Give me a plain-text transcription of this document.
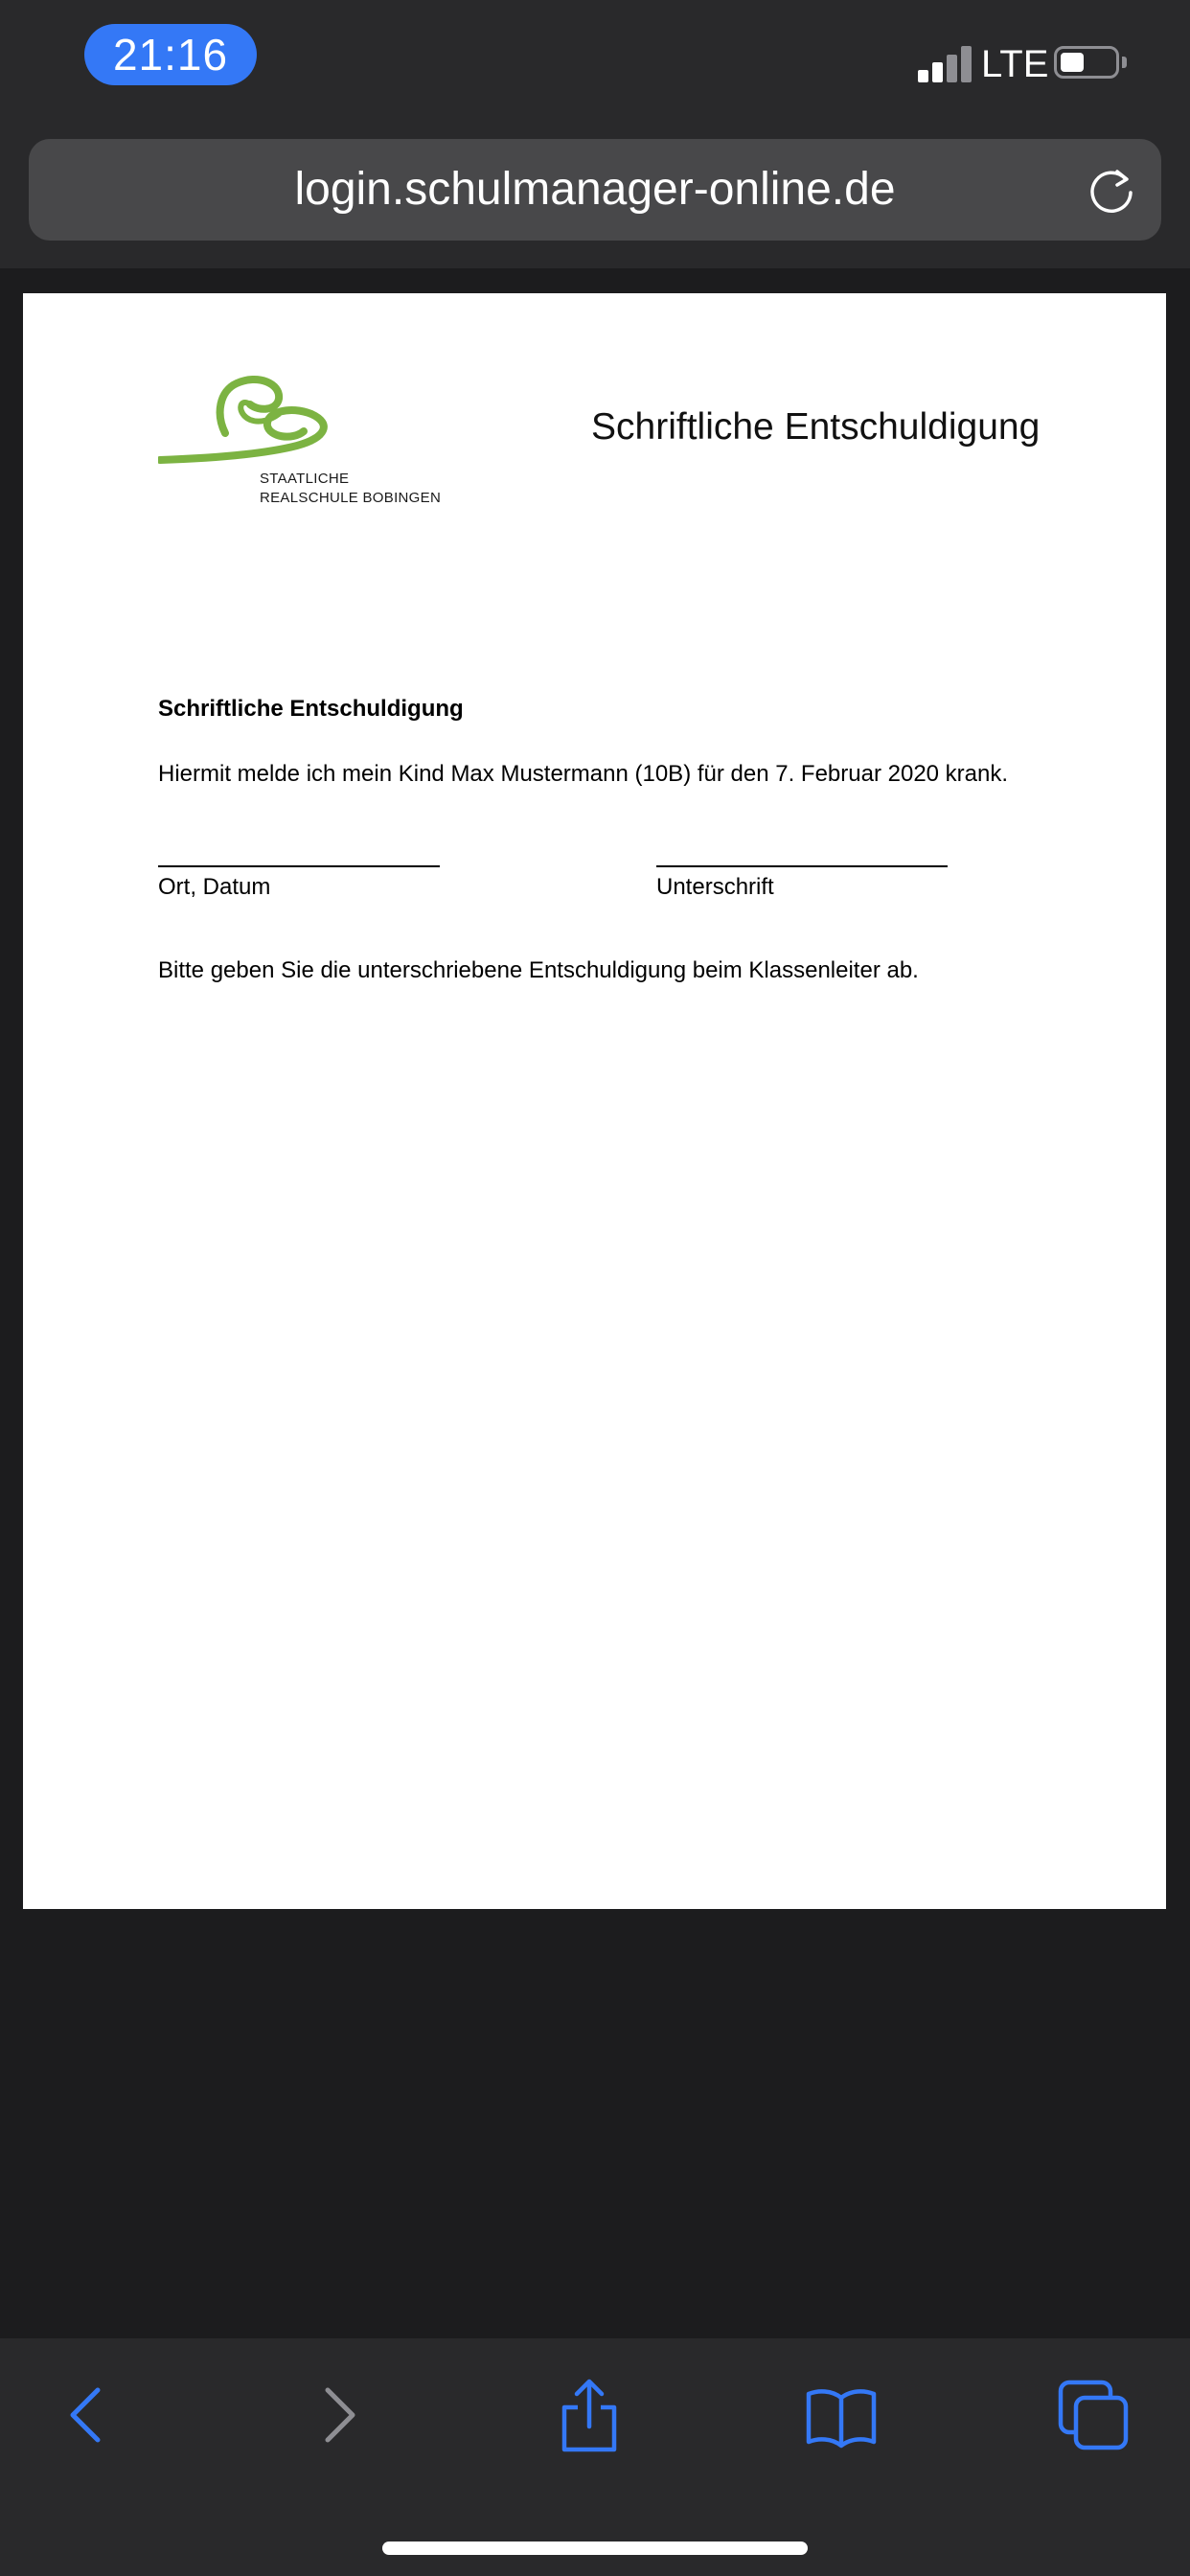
21:16	LTE
login.schulmanager-online.de
STAATLICHE
REALSCHULE BOBINGEN
Schriftliche Entschuldigung
Schriftliche Entschuldigung
Hiermit melde ich mein Kind Max Mustermann (10B) für den 7. Februar 2020 krank.
Ort, Datum	Unterschrift
Bitte geben Sie die unterschriebene Entschuldigung beim Klassenleiter ab.
